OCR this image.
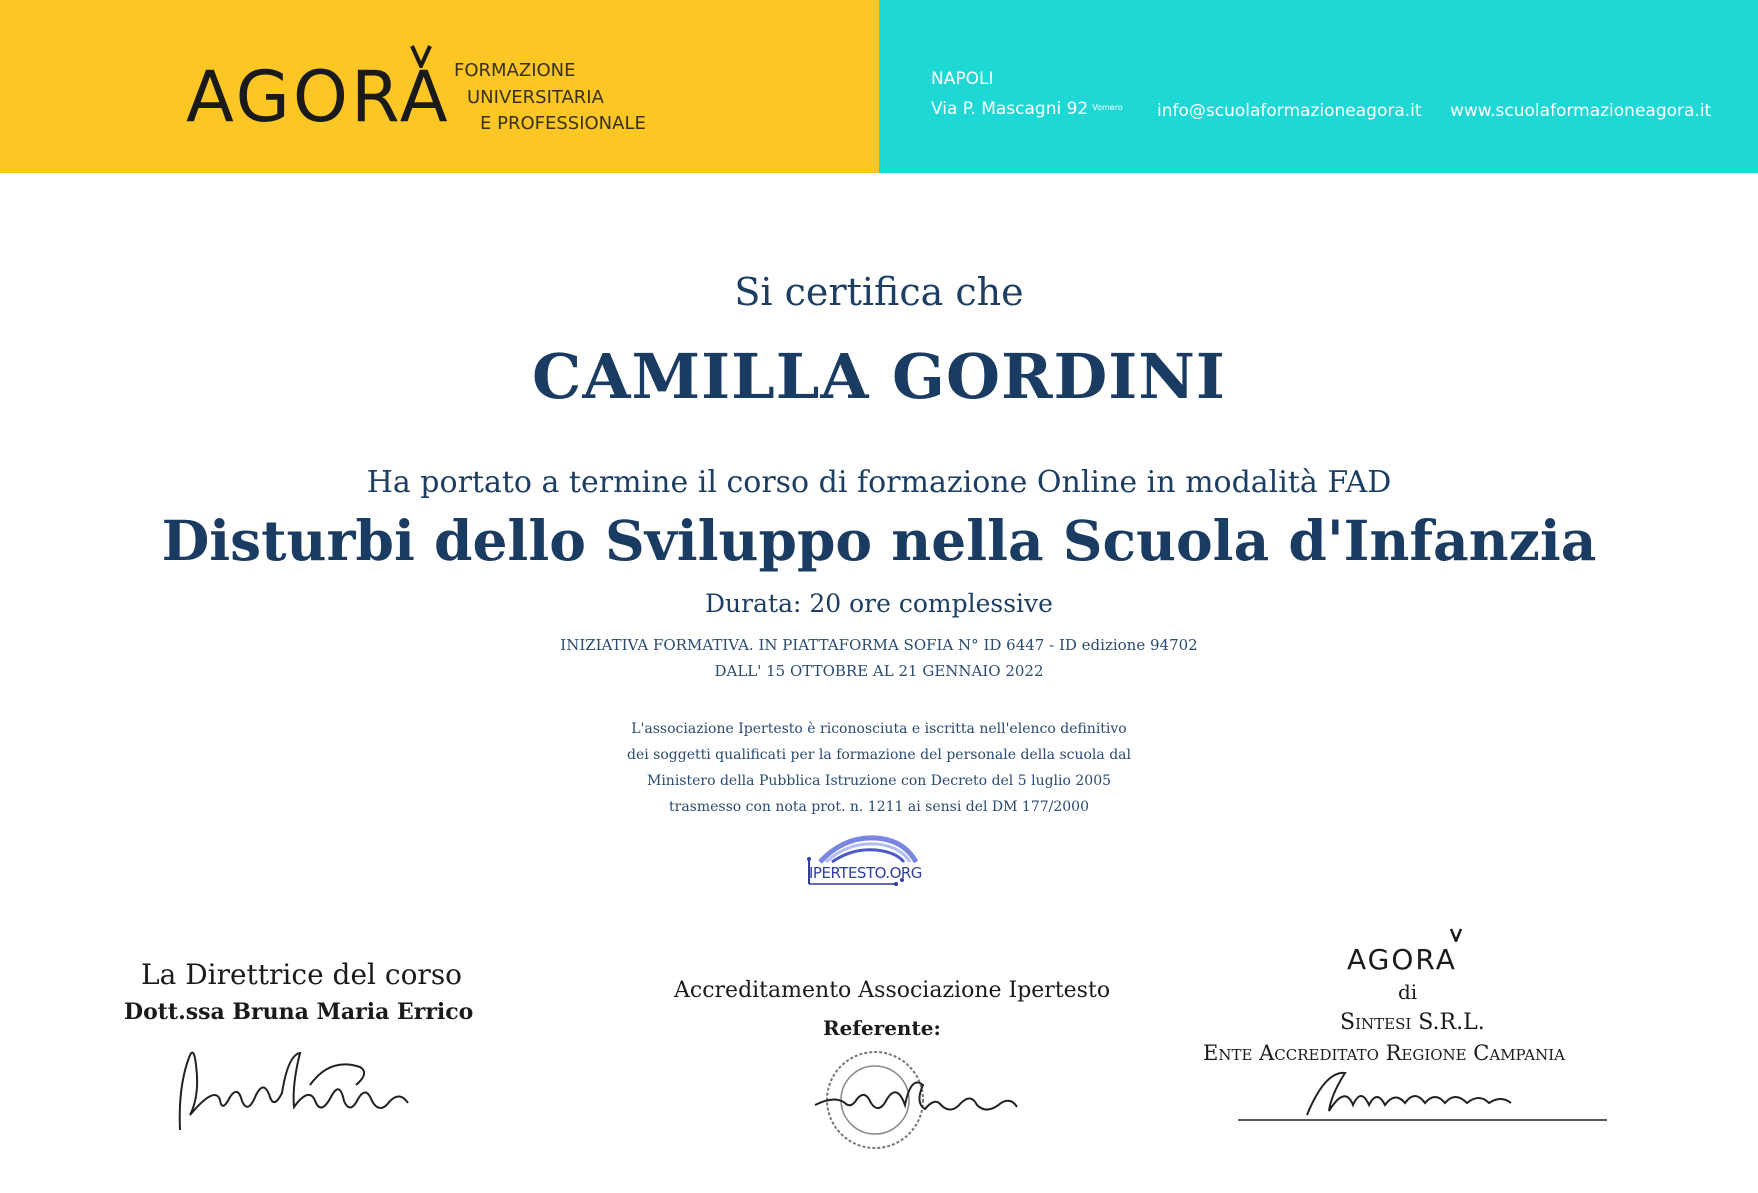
AGORA FORMAZIONE
UNIVERSITARIA
E PROFESSIONALE
NAPOLI
Via P. Mascagni 92 $^{Vomero}$ info@scuolaformazioneagora.it www.scuolaformazioneagora.it
Si certifica che
CAMILLA GORDINI
Ha portato a termine il corso di formazione Online in modalità FAD
Disturbi dello Sviluppo nella Scuola d'Infanzia
Durata: 20 ore complessive
INIZIATIVA FORMATIVA. IN PIATTAFORMA SOFIA N° ID 6447 - ID edizione 94702
DALL' 15 OTTOBRE AL 21 GENNAIO 2022
L'associazione Ipertesto è riconosciuta e iscritta nell'elenco definitivo
dei soggetti qualificati per la formazione del personale della scuola dal
Ministero della Pubblica Istruzione con Decreto del 5 luglio 2005
trasmesso con nota prot. n. 1211 ai sensi del DM 177/2000
IPERTESTO.ORG
La Direttrice del corso
Dott.ssa Bruna Maria Errico
Accreditamento Associazione Ipertesto
Referente:
AGORA
di
Sintesi S.R.L.
Ente Accreditato Regione Campania
